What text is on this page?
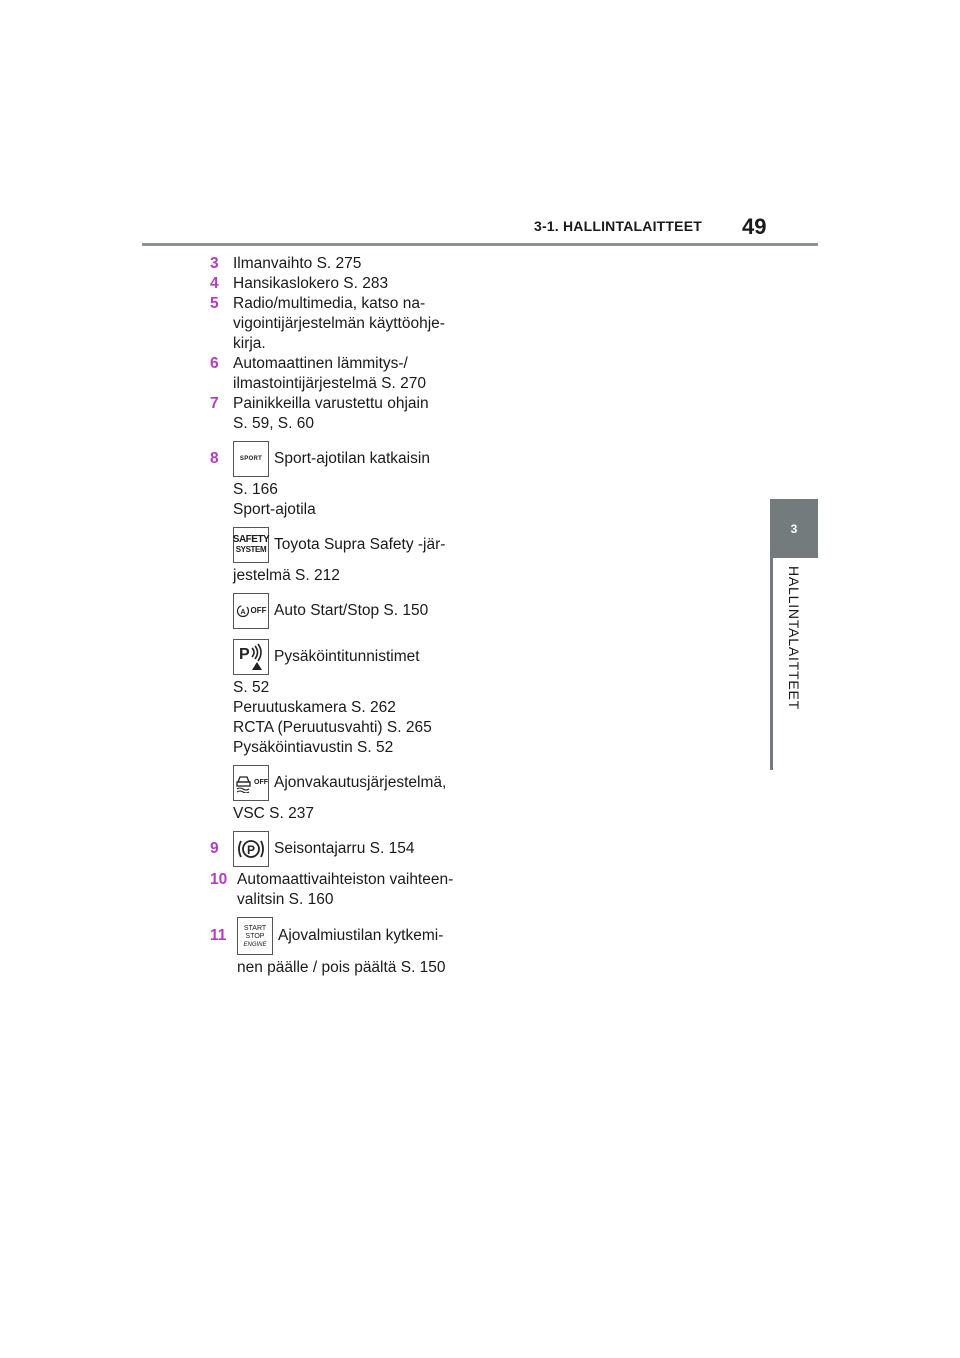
3-1. HALLINTALAITTEET 49
3
HALLINTALAITTEET
3 Ilmanvaihto S. 275
4 Hansikaslokero S. 283
5 Radio/multimedia, katso na-
vigointijärjestelmän käyttöohje-
kirja.
6 Automaattinen lämmitys-/
ilmastointijärjestelmä S. 270
7 Painikkeilla varustettu ohjain
S. 59, S. 60
8	SPORT Sport-ajotilan katkaisin
S. 166
Sport-ajotila
SAFETY
SYSTEM Toyota Supra Safety -jär-
jestelmä S. 212
A OFF Auto Start/Stop S. 150
P Pysäköintitunnistimet
S. 52
Peruutuskamera S. 262
RCTA (Peruutusvahti) S. 265
Pysäköintiavustin S. 52
OFF Ajonvakautusjärjestelmä,
VSC S. 237
9 P Seisontajarru S. 154
10 Automaattivaihteiston vaihteen-
valitsin S. 160
11 START
STOP
ENGINE
Ajovalmiustilan kytkemi-
nen päälle / pois päältä S. 150
